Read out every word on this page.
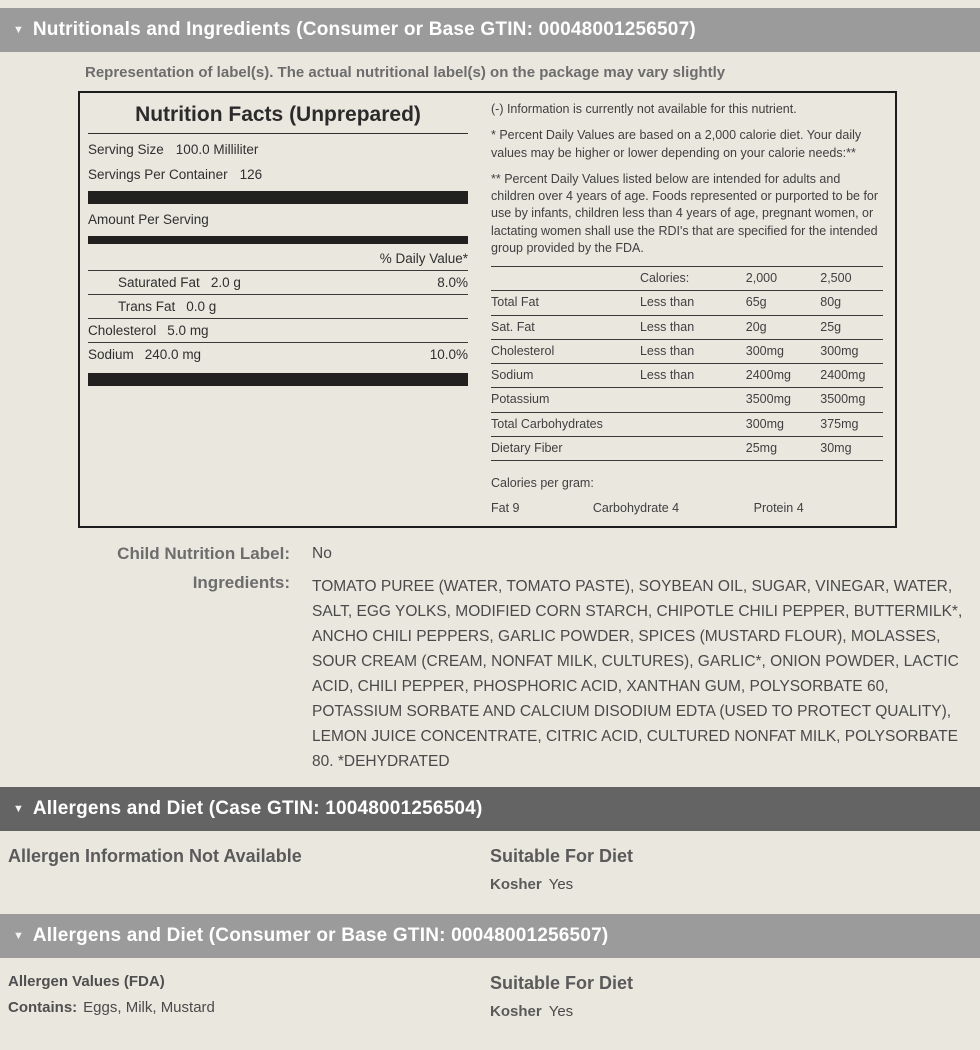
▼ Nutritionals and Ingredients (Consumer or Base GTIN: 00048001256507)
Representation of label(s). The actual nutritional label(s) on the package may vary slightly
Nutrition Facts (Unprepared)
Serving Size 100.0 Milliliter
Servings Per Container 126
Amount Per Serving
% Daily Value*
Saturated Fat 2.0 g	8.0%
Trans Fat 0.0 g
Cholesterol 5.0 mg
Sodium 240.0 mg	10.0%
(-) Information is currently not available for this nutrient.
* Percent Daily Values are based on a 2,000 calorie diet. Your daily values may be higher or lower depending on your calorie needs:**
** Percent Daily Values listed below are intended for adults and children over 4 years of age. Foods represented or purported to be for use by infants, children less than 4 years of age, pregnant women, or lactating women shall use the RDI's that are specified for the intended group provided by the FDA.
	Calories:	2,000	2,500
Total Fat	Less than	65g	80g
Sat. Fat	Less than	20g	25g
Cholesterol	Less than	300mg	300mg
Sodium	Less than	2400mg	2400mg
Potassium		3500mg	3500mg
Total Carbohydrates		300mg	375mg
Dietary Fiber		25mg	30mg
Calories per gram:
Fat 9	Carbohydrate 4	Protein 4
Child Nutrition Label:	No
Ingredients:	TOMATO PUREE (WATER, TOMATO PASTE), SOYBEAN OIL, SUGAR, VINEGAR, WATER, SALT, EGG YOLKS, MODIFIED CORN STARCH, CHIPOTLE CHILI PEPPER, BUTTERMILK*, ANCHO CHILI PEPPERS, GARLIC POWDER, SPICES (MUSTARD FLOUR), MOLASSES, SOUR CREAM (CREAM, NONFAT MILK, CULTURES), GARLIC*, ONION POWDER, LACTIC ACID, CHILI PEPPER, PHOSPHORIC ACID, XANTHAN GUM, POLYSORBATE 60, POTASSIUM SORBATE AND CALCIUM DISODIUM EDTA (USED TO PROTECT QUALITY), LEMON JUICE CONCENTRATE, CITRIC ACID, CULTURED NONFAT MILK, POLYSORBATE 80. *DEHYDRATED
▼ Allergens and Diet (Case GTIN: 10048001256504)
Allergen Information Not Available	Suitable For Diet
Kosher Yes
▼ Allergens and Diet (Consumer or Base GTIN: 00048001256507)
Allergen Values (FDA)
Contains: Eggs, Milk, Mustard
Suitable For Diet
Kosher Yes
